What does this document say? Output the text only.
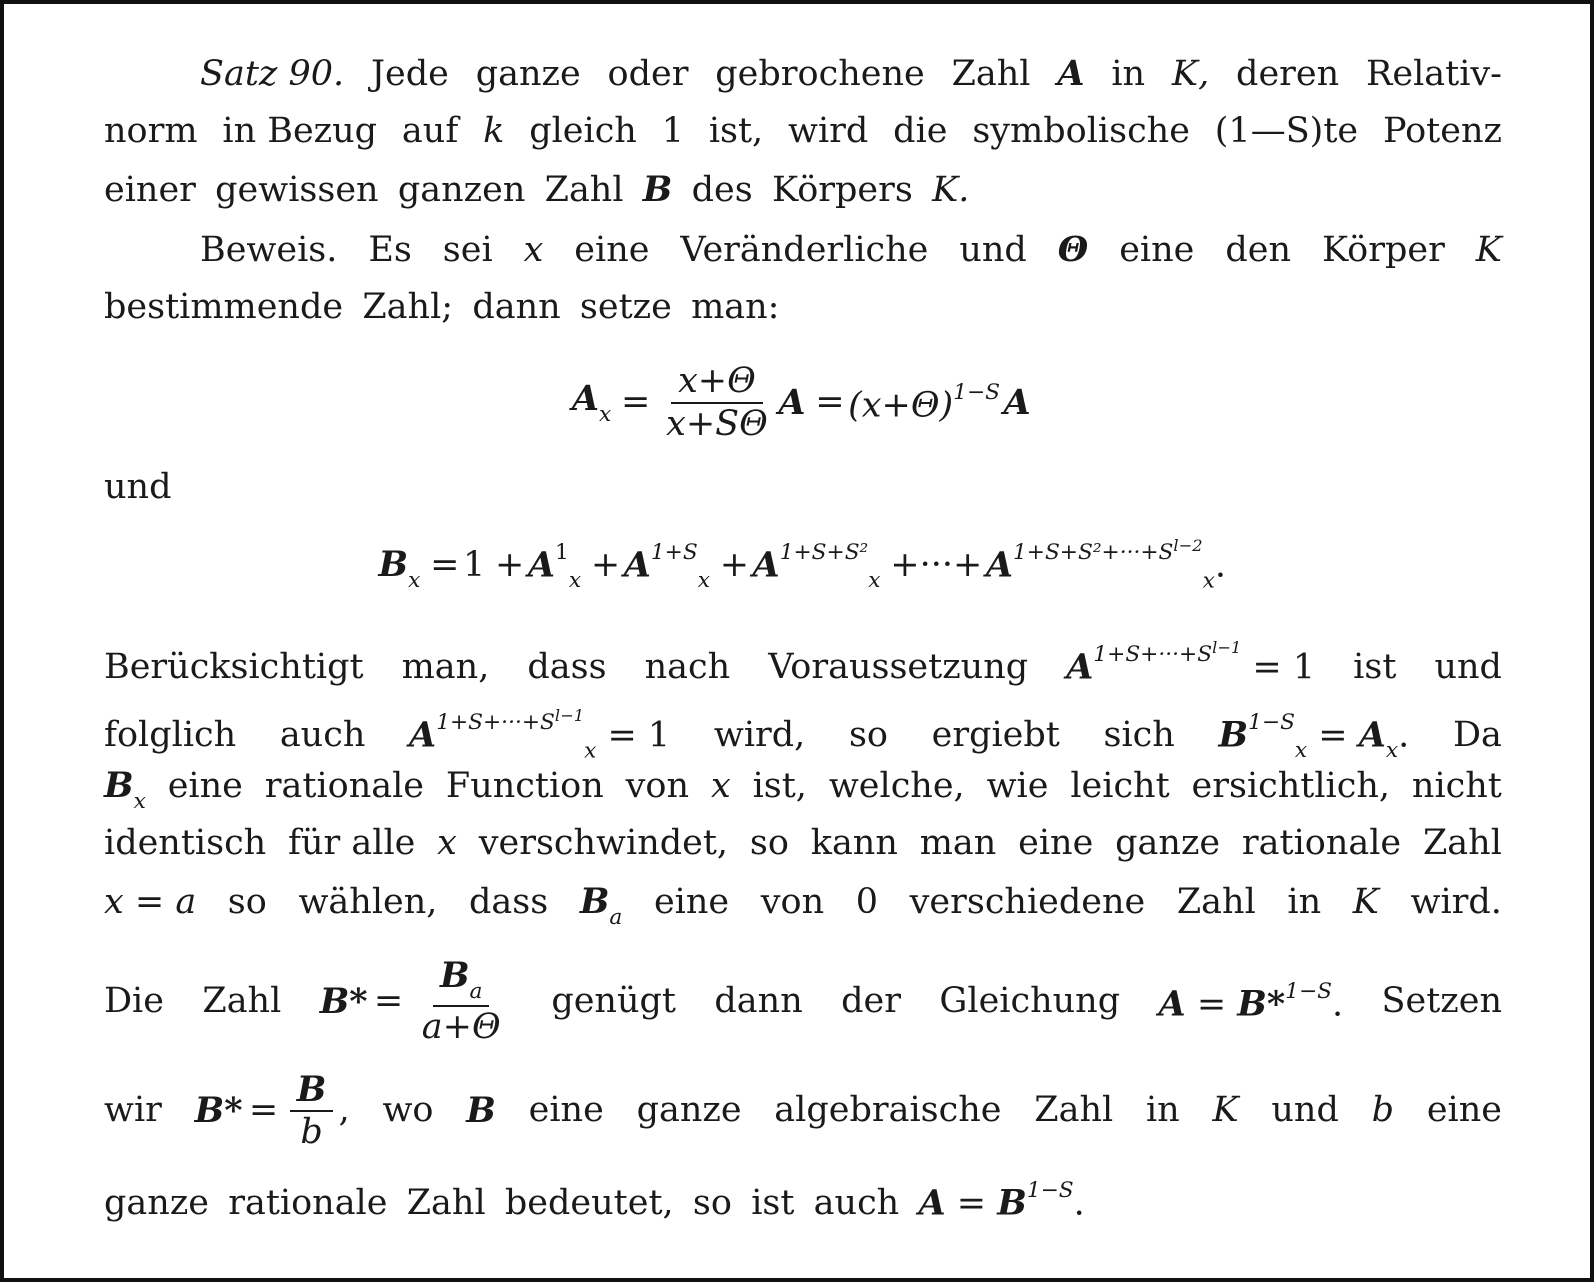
Satz 90. Jede ganze oder gebrochene Zahl A in K, deren Relativ-
norm in Bezug auf k gleich 1 ist, wird die symbolische (1—S)te Potenz
einer gewissen ganzen Zahl B des Körpers K.
Beweis. Es sei x eine Veränderliche und Θ eine den Körper K
bestimmende Zahl; dann setze man:
$A_x = \frac{x+\Theta}{x+S\Theta}$ $A = (x+\Theta)^{1-S}$ A
und
$B_x = 1 + A^1_x + A^{1+S}_x + A^{1+S+S^2}_x$ +···+ $A^{1+S+S^2+\cdot\cdot\cdot+S^{l-2}}_x$.
Berücksichtigt man, dass nach Voraussetzung $A^{1+S+\cdot\cdot\cdot+S^{l-1}} = 1$ ist und
folglich auch $A^{1+S+\cdot\cdot\cdot+S^{l-1}}_x = 1$ wird, so ergiebt sich $B^{1-S}_x = A_x$. Da
$B_x$ eine rationale Function von x ist, welche, wie leicht ersichtlich, nicht
identisch für alle x verschwindet, so kann man eine ganze rationale Zahl
x = a so wählen, dass $B_a$ eine von 0 verschiedene Zahl in K wird.
Die Zahl $B* = \frac{B_a}{a+\Theta}$ genügt dann der Gleichung A = B*$^{1-S}$. Setzen
wir $B* = \frac{B}{b}$ , wo B eine ganze algebraische Zahl in K und b eine
ganze rationale Zahl bedeutet, so ist auch $A = B^{1-S}$.
